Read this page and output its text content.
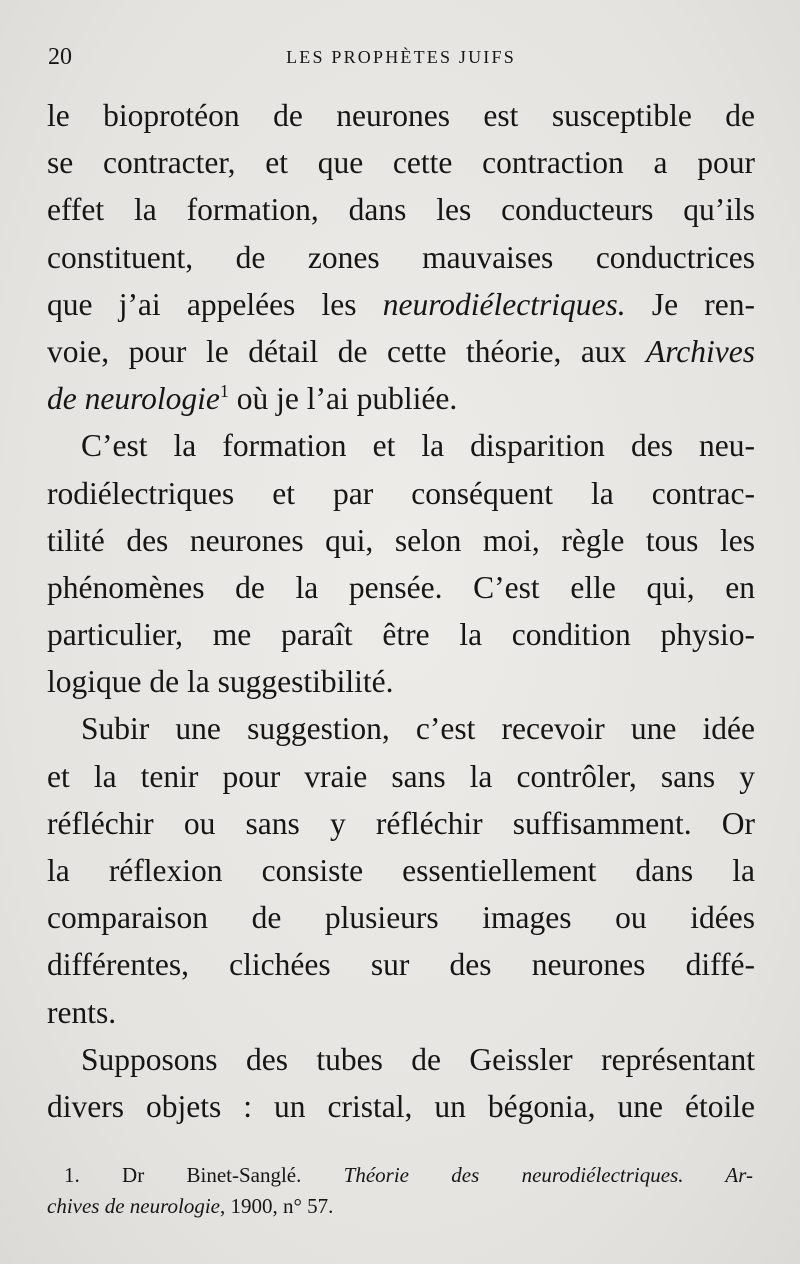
20	LES PROPHÈTES JUIFS
le bioprotéon de neurones est susceptible de
se contracter, et que cette contraction a pour
effet la formation, dans les conducteurs qu’ils
constituent, de zones mauvaises conductrices
que j’ai appelées les neurodiélectriques. Je ren-
voie, pour le détail de cette théorie, aux Archives
de neurologie$^1$ où je l’ai publiée.
C’est la formation et la disparition des neu-
rodiélectriques et par conséquent la contrac-
tilité des neurones qui, selon moi, règle tous les
phénomènes de la pensée. C’est elle qui, en
particulier, me paraît être la condition physio-
logique de la suggestibilité.
Subir une suggestion, c’est recevoir une idée
et la tenir pour vraie sans la contrôler, sans y
réfléchir ou sans y réfléchir suffisamment. Or
la réflexion consiste essentiellement dans la
comparaison de plusieurs images ou idées
différentes, clichées sur des neurones diffé-
rents.
Supposons des tubes de Geissler représentant
divers objets : un cristal, un bégonia, une étoile
1. Dr Binet-Sanglé. Théorie des neurodiélectriques. Ar-
chives de neurologie, 1900, n° 57.
